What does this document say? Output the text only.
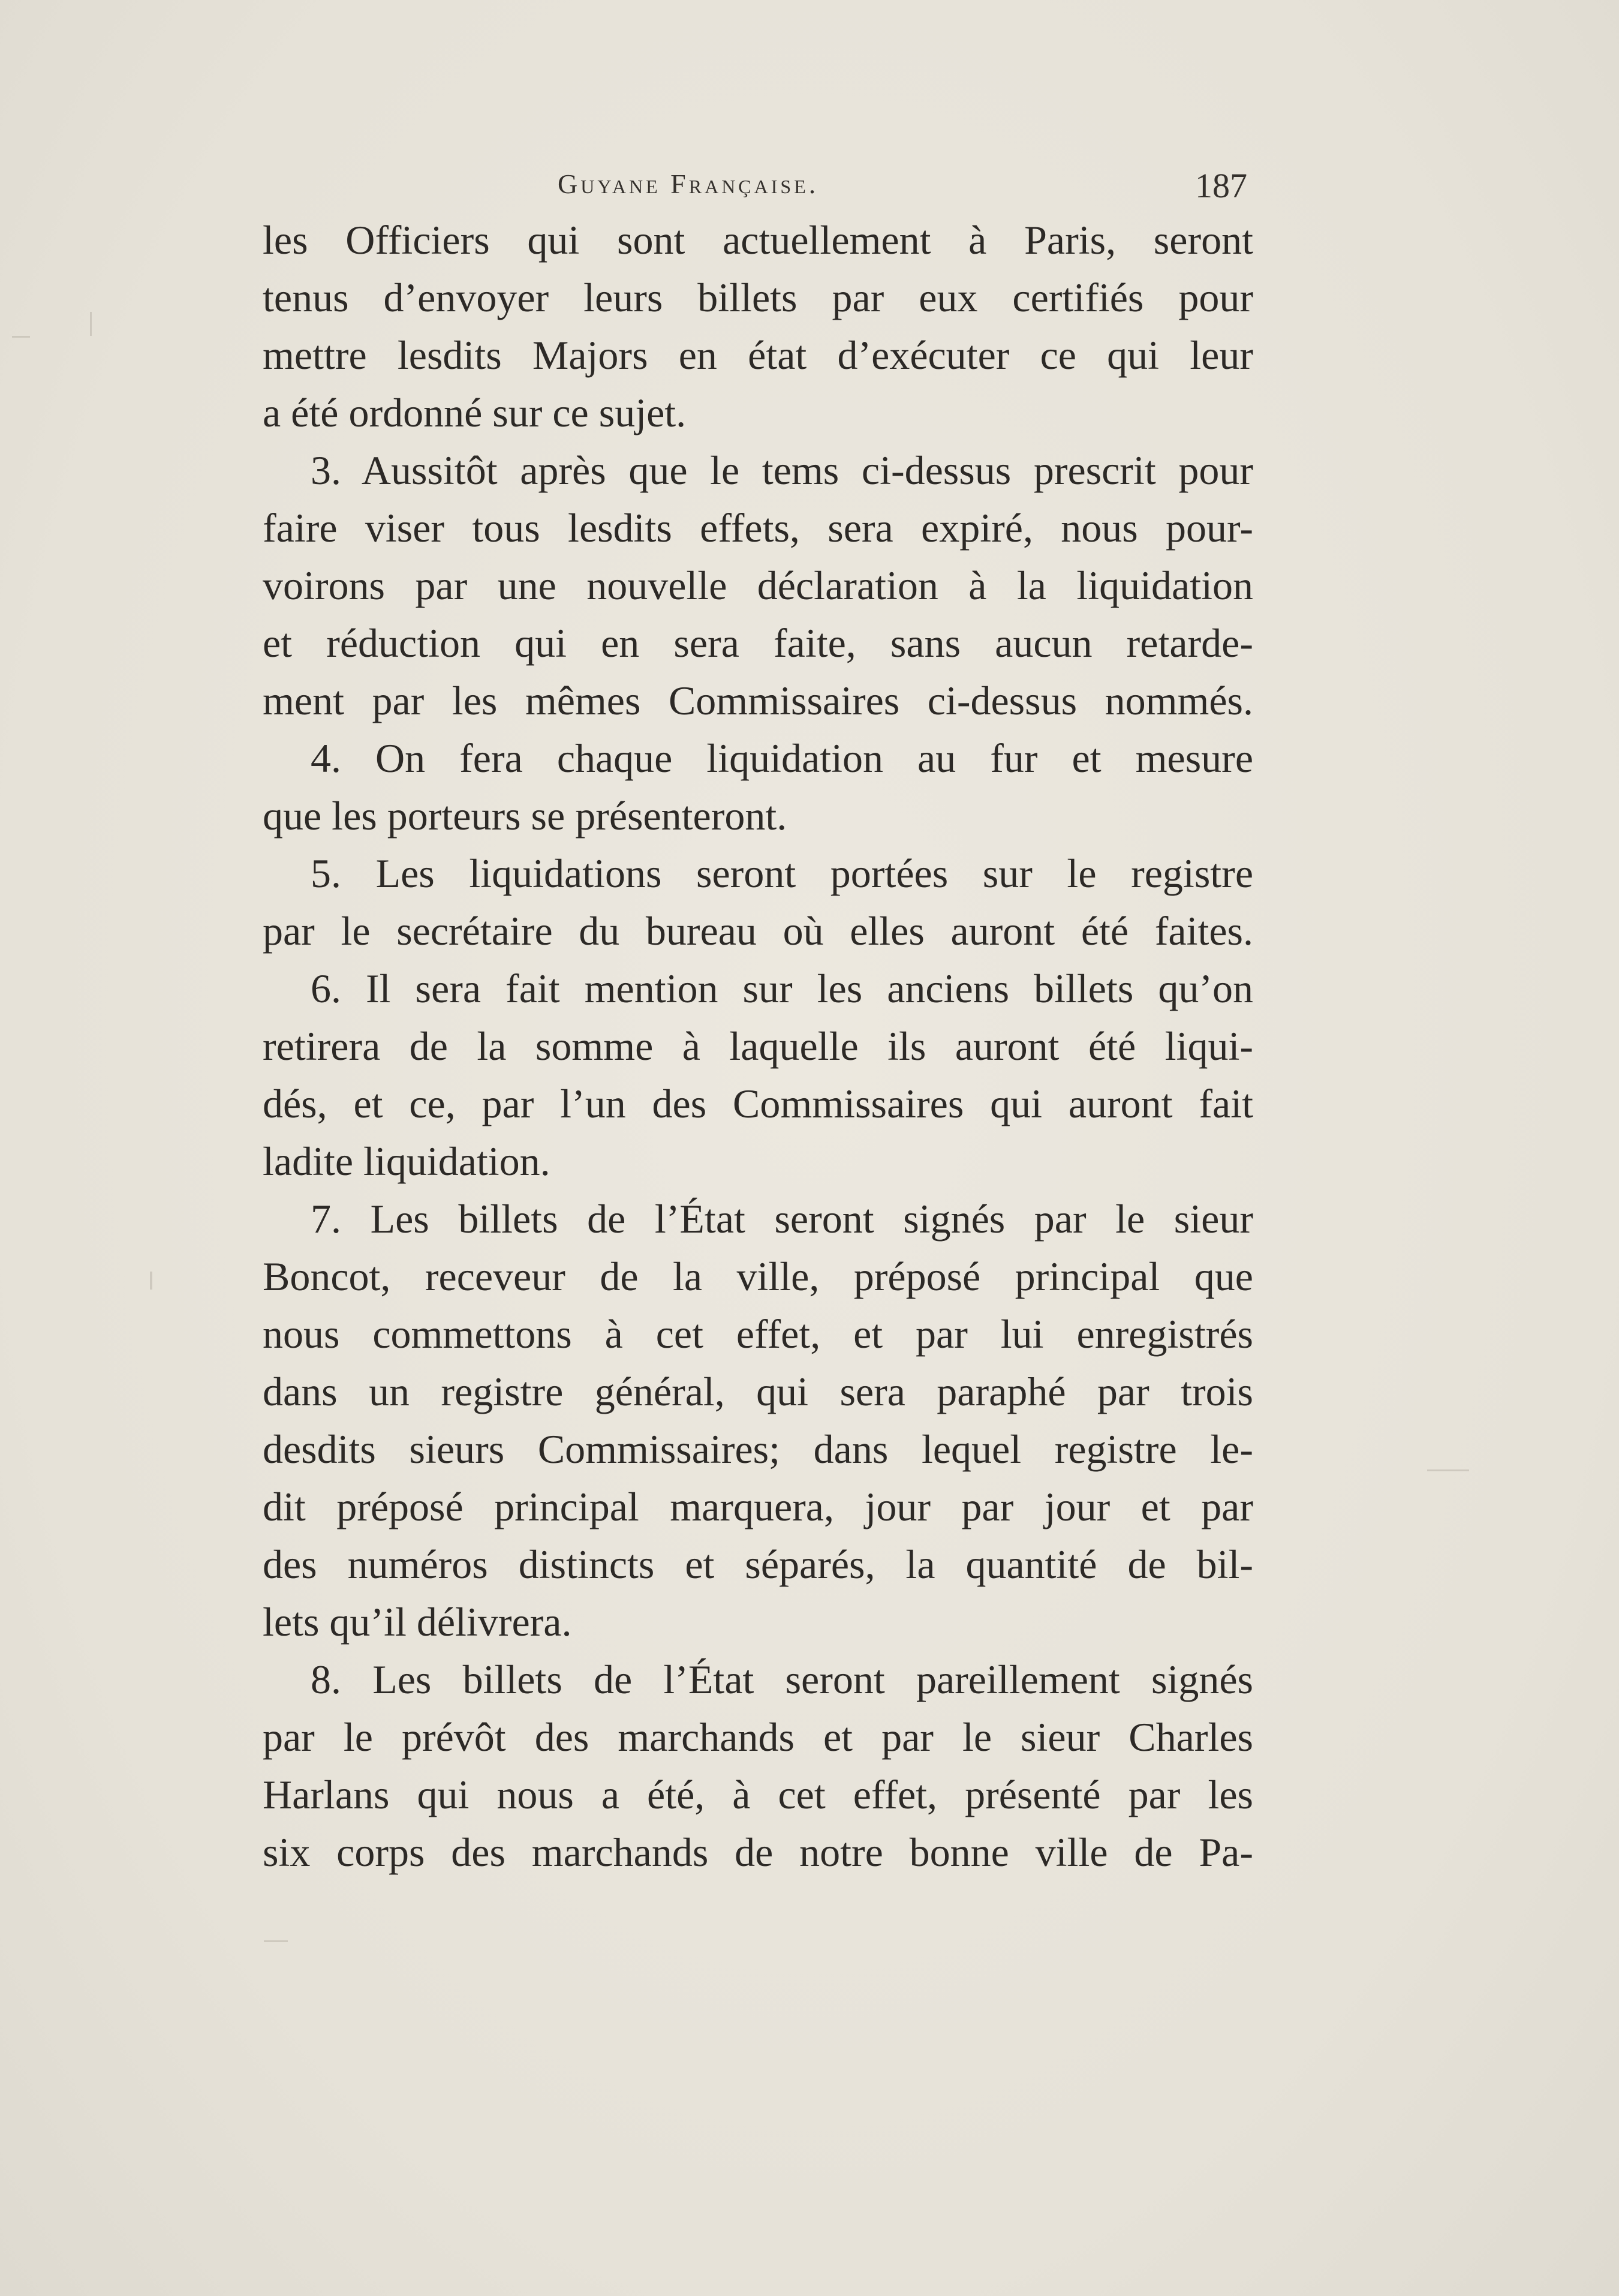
Guyane Française.	187
les Officiers qui sont actuellement à Paris, seront
tenus d’envoyer leurs billets par eux certifiés pour
mettre lesdits Majors en état d’exécuter ce qui leur
a été ordonné sur ce sujet.
3. Aussitôt après que le tems ci-dessus prescrit pour
faire viser tous lesdits effets, sera expiré, nous pour-
voirons par une nouvelle déclaration à la liquidation
et réduction qui en sera faite, sans aucun retarde-
ment par les mêmes Commissaires ci-dessus nommés.
4. On fera chaque liquidation au fur et mesure
que les porteurs se présenteront.
5. Les liquidations seront portées sur le registre
par le secrétaire du bureau où elles auront été faites.
6. Il sera fait mention sur les anciens billets qu’on
retirera de la somme à laquelle ils auront été liqui-
dés, et ce, par l’un des Commissaires qui auront fait
ladite liquidation.
7. Les billets de l’État seront signés par le sieur
Boncot, receveur de la ville, préposé principal que
nous commettons à cet effet, et par lui enregistrés
dans un registre général, qui sera paraphé par trois
desdits sieurs Commissaires; dans lequel registre le-
dit préposé principal marquera, jour par jour et par
des numéros distincts et séparés, la quantité de bil-
lets qu’il délivrera.
8. Les billets de l’État seront pareillement signés
par le prévôt des marchands et par le sieur Charles
Harlans qui nous a été, à cet effet, présenté par les
six corps des marchands de notre bonne ville de Pa-
